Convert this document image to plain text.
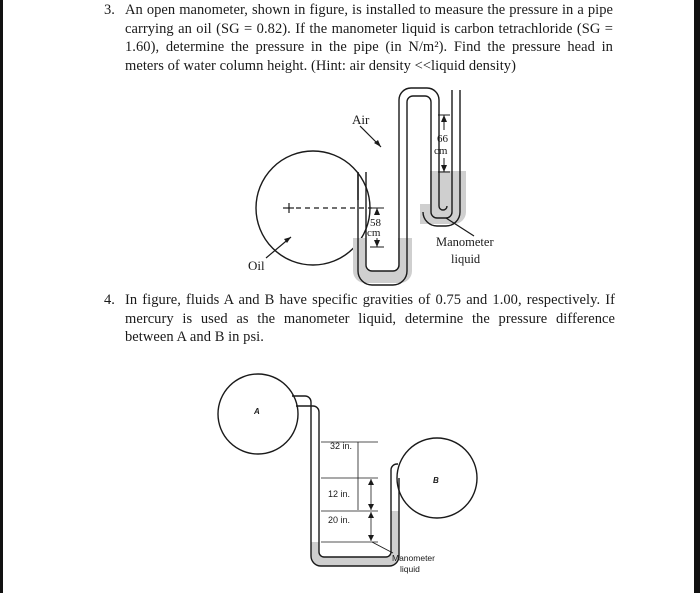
3. An open manometer, shown in figure, is installed to measure the pressure in a pipe carrying an oil (SG = 0.82). If the manometer liquid is carbon tetrachloride (SG = 1.60), determine the pressure in the pipe (in N/m²). Find the pressure head in meters of water column height. (Hint: air density <<liquid density)
Air
Oil
66
cm
58
cm
Manometer
liquid
4. In figure, fluids A and B have specific gravities of 0.75 and 1.00, respectively. If mercury is used as the manometer liquid, determine the pressure difference between A and B in psi.
A
B
32 in.
12 in.
20 in.
Manometer
liquid
